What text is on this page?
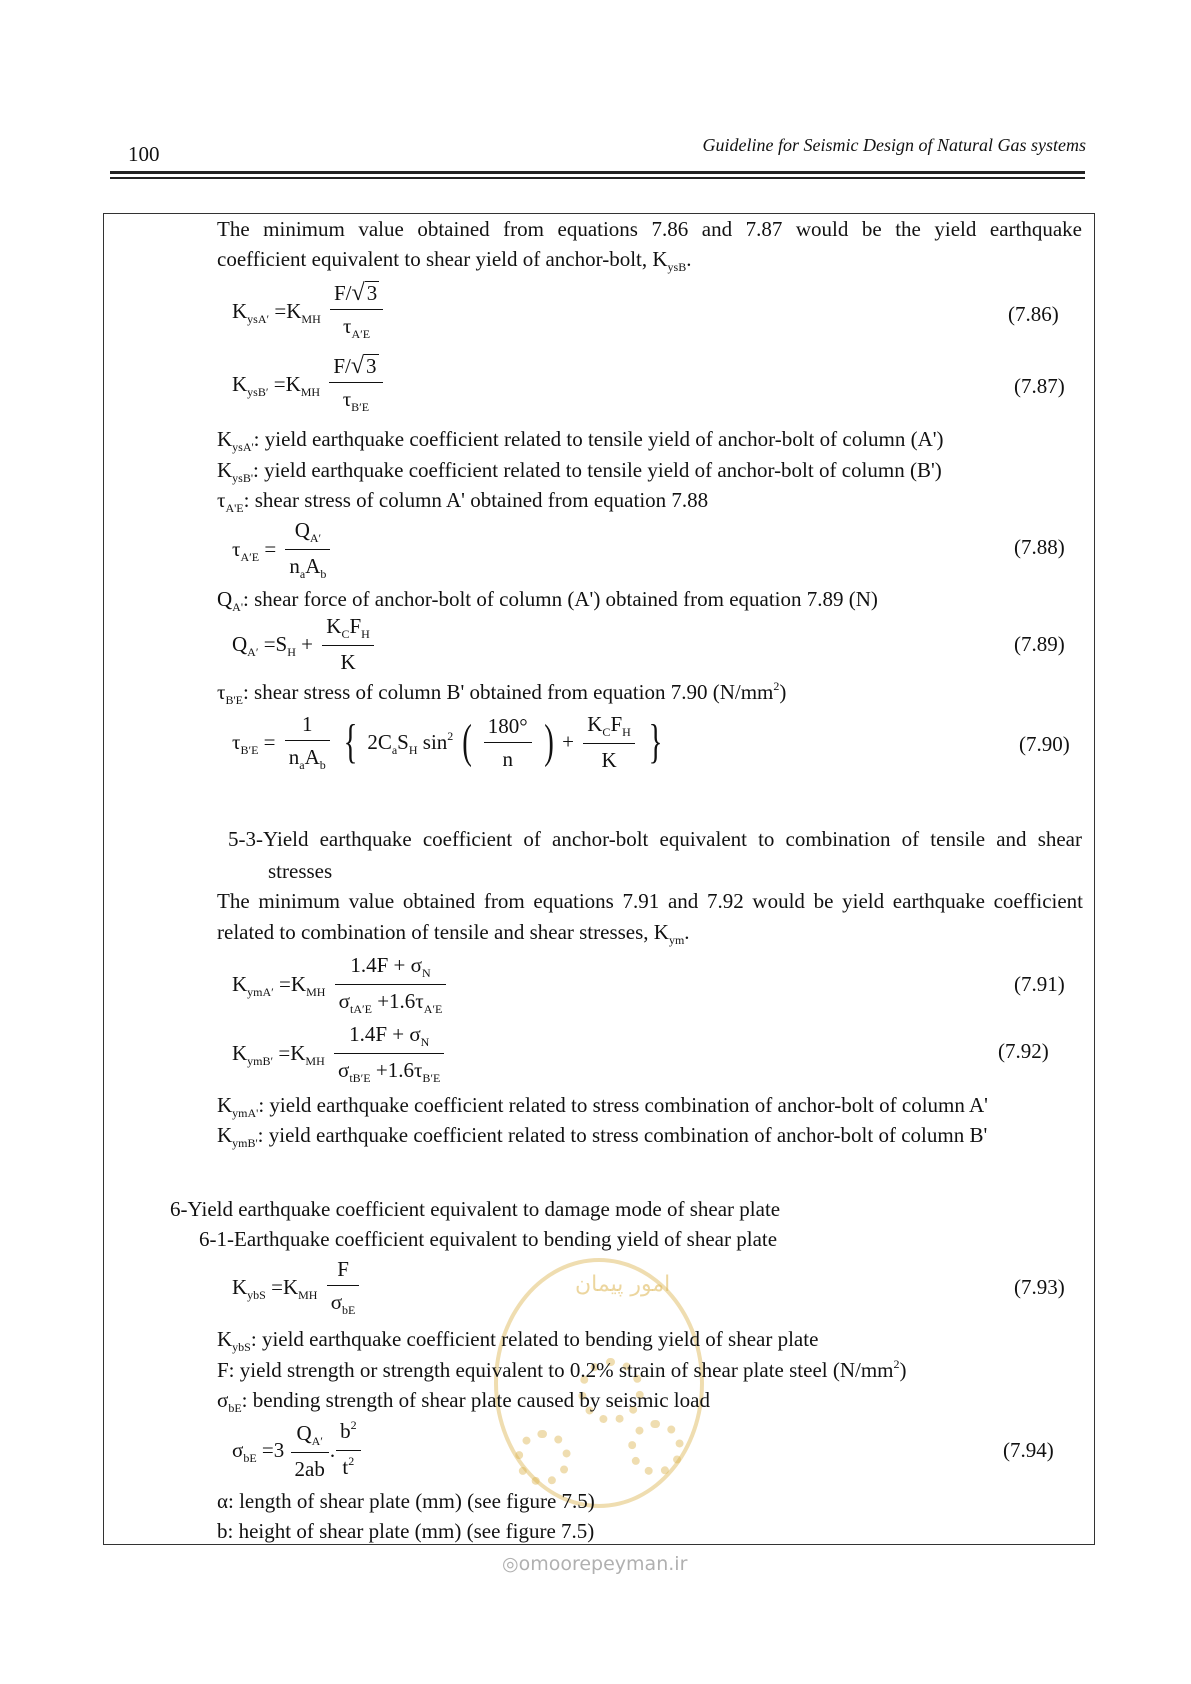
100	Guideline for Seismic Design of Natural Gas systems
امور پیمان
The minimum value obtained from equations 7.86 and 7.87 would be the yield earthquake
coefficient equivalent to shear yield of anchor-bolt, $K_{ysB}$.
$K_{ysA'} =K_{MH} \frac{F/√3}{\tau_{A'E}}$	(7.86)
$K_{ysB'} =K_{MH} \frac{F/√3}{\tau_{B'E}}$	(7.87)
$K_{ysA'}$: yield earthquake coefficient related to tensile yield of anchor-bolt of column (A')
$K_{ysB'}$: yield earthquake coefficient related to tensile yield of anchor-bolt of column (B')
$\tau_{A'E}$: shear stress of column A' obtained from equation 7.88
$\tau_{A'E} = \frac{Q_{A'}}{n_aA_b}$	(7.88)
$Q_{A'}$: shear force of anchor-bolt of column (A') obtained from equation 7.89 (N)
$Q_{A'} =S_H + \frac{K_CF_H}{K}$	(7.89)
$\tau_{B'E}$: shear stress of column B' obtained from equation 7.90 $(N/mm^2)$
$\tau_{B'E} = \frac{1}{n_aA_b}$ { $2C_aS_H$ $\sin^2$ ( $\frac{180^\circ}{n}$ ) + $\frac{K_CF_H}{K}$ }	(7.90)
5-3-Yield earthquake coefficient of anchor-bolt equivalent to combination of tensile and shear
stresses
The minimum value obtained from equations 7.91 and 7.92 would be yield earthquake coefficient
related to combination of tensile and shear stresses, $K_{ym}$.
$K_{ymA'} =K_{MH} \frac{1.4F + \sigma_N}{\sigma_{tA'E} +1.6\tau_{A'E}}$	(7.91)
$K_{ymB'} =K_{MH} \frac{1.4F + \sigma_N}{\sigma_{tB'E} +1.6\tau_{B'E}}$	(7.92)
$K_{ymA'}$: yield earthquake coefficient related to stress combination of anchor-bolt of column A'
$K_{ymB'}$: yield earthquake coefficient related to stress combination of anchor-bolt of column B'
6-Yield earthquake coefficient equivalent to damage mode of shear plate
6-1-Earthquake coefficient equivalent to bending yield of shear plate
$K_{ybS} =K_{MH} \frac{F}{\sigma_{bE}}$	(7.93)
$K_{ybS}$: yield earthquake coefficient related to bending yield of shear plate
F: yield strength or strength equivalent to 0.2% strain of shear plate steel $(N/mm^2)$
$\sigma_{bE}$: bending strength of shear plate caused by seismic load
$\sigma_{bE} =3 \frac{Q_{A'}}{2ab}$ . $\frac{b^2}{t^2}$	(7.94)
α: length of shear plate (mm) (see figure 7.5)
b: height of shear plate (mm) (see figure 7.5)
◎omoorepeyman.ir
